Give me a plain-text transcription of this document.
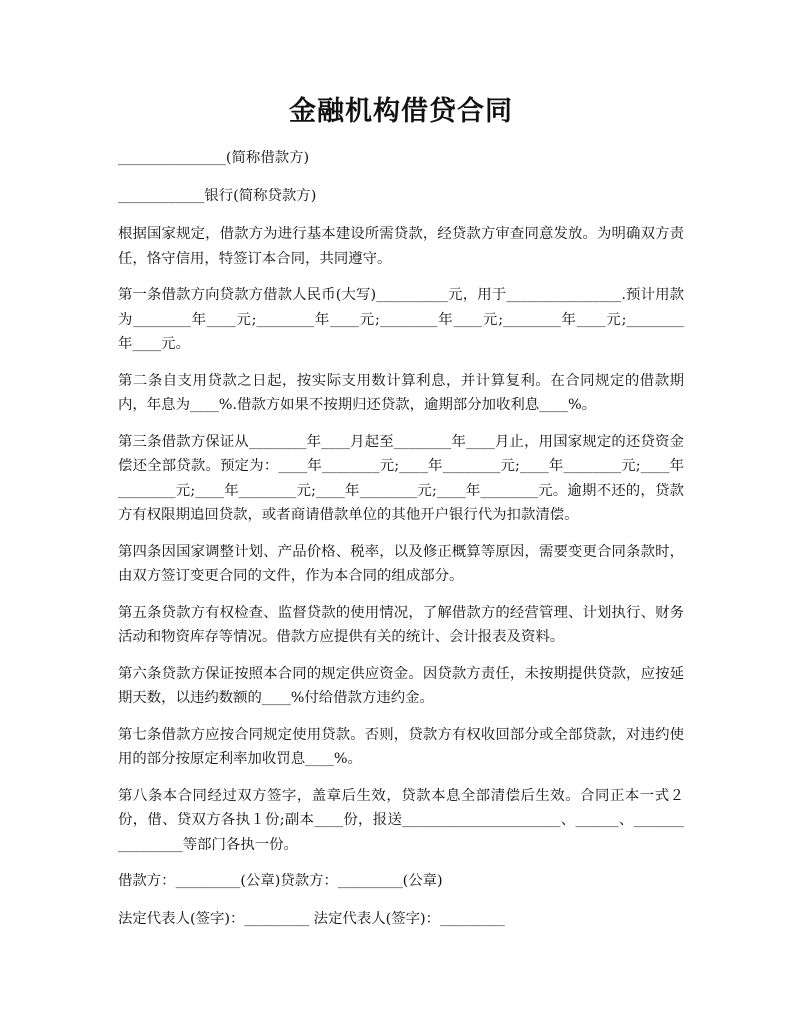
金融机构借贷合同
_______________(简称借款方)
____________银行(简称贷款方)

根据国家规定，借款方为进行基本建设所需贷款，经贷款方审查同意发放。为明确双方责任，恪守信用，特签订本合同，共同遵守。

第一条借款方向贷款方借款人民币(大写)__________元，用于________________.预计用款为________年____元;________年____元;________年____元;________年____元;________年____元。

第二条自支用贷款之日起，按实际支用数计算利息，并计算复利。在合同规定的借款期内，年息为____%.借款方如果不按期归还贷款，逾期部分加收利息____%。

第三条借款方保证从________年____月起至________年____月止，用国家规定的还贷资金偿还全部贷款。预定为：____年________元;____年________元;____年________元;____年________元;____年________元;____年________元;____年________元。逾期不还的，贷款方有权限期追回贷款，或者商请借款单位的其他开户银行代为扣款清偿。

第四条因国家调整计划、产品价格、税率，以及修正概算等原因，需要变更合同条款时，由双方签订变更合同的文件，作为本合同的组成部分。

第五条贷款方有权检查、监督贷款的使用情况，了解借款方的经营管理、计划执行、财务活动和物资库存等情况。借款方应提供有关的统计、会计报表及资料。

第六条贷款方保证按照本合同的规定供应资金。因贷款方责任，未按期提供贷款，应按延期天数，以违约数额的____%付给借款方违约金。

第七条借款方应按合同规定使用贷款。否则，贷款方有权收回部分或全部贷款，对违约使用的部分按原定利率加收罚息____%。

第八条本合同经过双方签字，盖章后生效，贷款本息全部清偿后生效。合同正本一式２份，借、贷双方各执１份;副本____份，报送______________________、______、________________等部门各执一份。

借款方：_________(公章)贷款方：_________(公章)
法定代表人(签字)：_________ 法定代表人(签字)：_________
